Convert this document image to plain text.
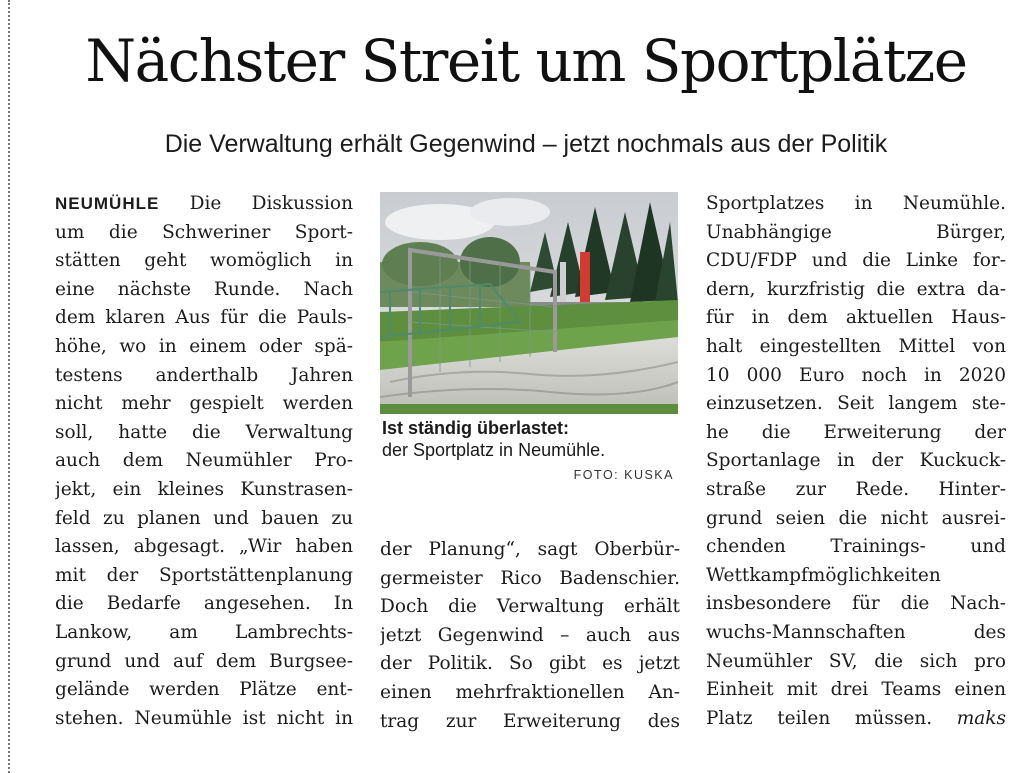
Nächster Streit um Sportplätze

Die Verwaltung erhält Gegenwind – jetzt nochmals aus der Politik

NEUMÜHLE Die Diskussion
um die Schweriner Sport-
stätten geht womöglich in
eine nächste Runde. Nach
dem klaren Aus für die Pauls-
höhe, wo in einem oder spä-
testens anderthalb Jahren
nicht mehr gespielt werden
soll, hatte die Verwaltung
auch dem Neumühler Pro-
jekt, ein kleines Kunstrasen-
feld zu planen und bauen zu
lassen, abgesagt. „Wir haben
mit der Sportstättenplanung
die Bedarfe angesehen. In
Lankow, am Lambrechts-
grund und auf dem Burgsee-
gelände werden Plätze ent-
stehen. Neumühle ist nicht in
Ist ständig überlastet:
der Sportplatz in Neumühle.
FOTO: KUSKA
der Planung“, sagt Oberbür-
germeister Rico Badenschier.
Doch die Verwaltung erhält
jetzt Gegenwind – auch aus
der Politik. So gibt es jetzt
einen mehrfraktionellen An-
trag zur Erweiterung des
Sportplatzes in Neumühle.
Unabhängige Bürger,
CDU/FDP und die Linke for-
dern, kurzfristig die extra da-
für in dem aktuellen Haus-
halt eingestellten Mittel von
10 000 Euro noch in 2020
einzusetzen. Seit langem ste-
he die Erweiterung der
Sportanlage in der Kuckuck-
straße zur Rede. Hinter-
grund seien die nicht ausrei-
chenden Trainings- und
Wettkampfmöglichkeiten
insbesondere für die Nach-
wuchs-Mannschaften des
Neumühler SV, die sich pro
Einheit mit drei Teams einen
Platz teilen müssen. maks
